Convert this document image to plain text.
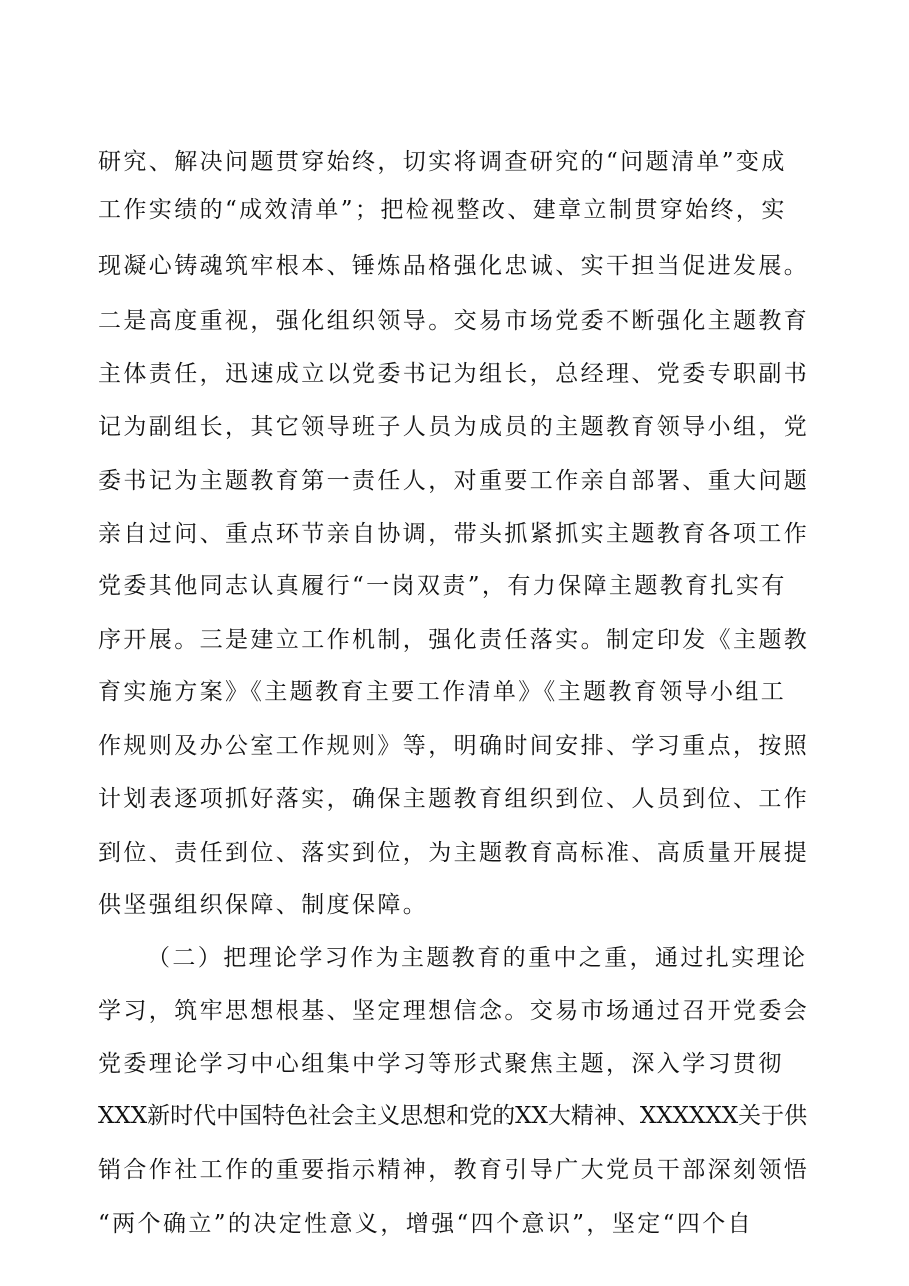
研究、解决问题贯穿始终，切实将调查研究的“问题清单”变成
工作实绩的“成效清单”；把检视整改、建章立制贯穿始终，实
现凝心铸魂筑牢根本、锤炼品格强化忠诚、实干担当促进发展。
二是高度重视，强化组织领导。交易市场党委不断强化主题教育
主体责任，迅速成立以党委书记为组长，总经理、党委专职副书
记为副组长，其它领导班子人员为成员的主题教育领导小组，党
委书记为主题教育第一责任人，对重要工作亲自部署、重大问题
亲自过问、重点环节亲自协调，带头抓紧抓实主题教育各项工作
党委其他同志认真履行“一岗双责”，有力保障主题教育扎实有
序开展。三是建立工作机制，强化责任落实。制定印发《主题教
育实施方案》《主题教育主要工作清单》《主题教育领导小组工
作规则及办公室工作规则》等，明确时间安排、学习重点，按照
计划表逐项抓好落实，确保主题教育组织到位、人员到位、工作
到位、责任到位、落实到位，为主题教育高标准、高质量开展提
供坚强组织保障、制度保障。
（二）把理论学习作为主题教育的重中之重，通过扎实理论
学习，筑牢思想根基、坚定理想信念。交易市场通过召开党委会
党委理论学习中心组集中学习等形式聚焦主题，深入学习贯彻
XXX新时代中国特色社会主义思想和党的XX大精神、XXXXXX关于供
销合作社工作的重要指示精神，教育引导广大党员干部深刻领悟
“两个确立”的决定性意义，增强“四个意识”，坚定“四个自
